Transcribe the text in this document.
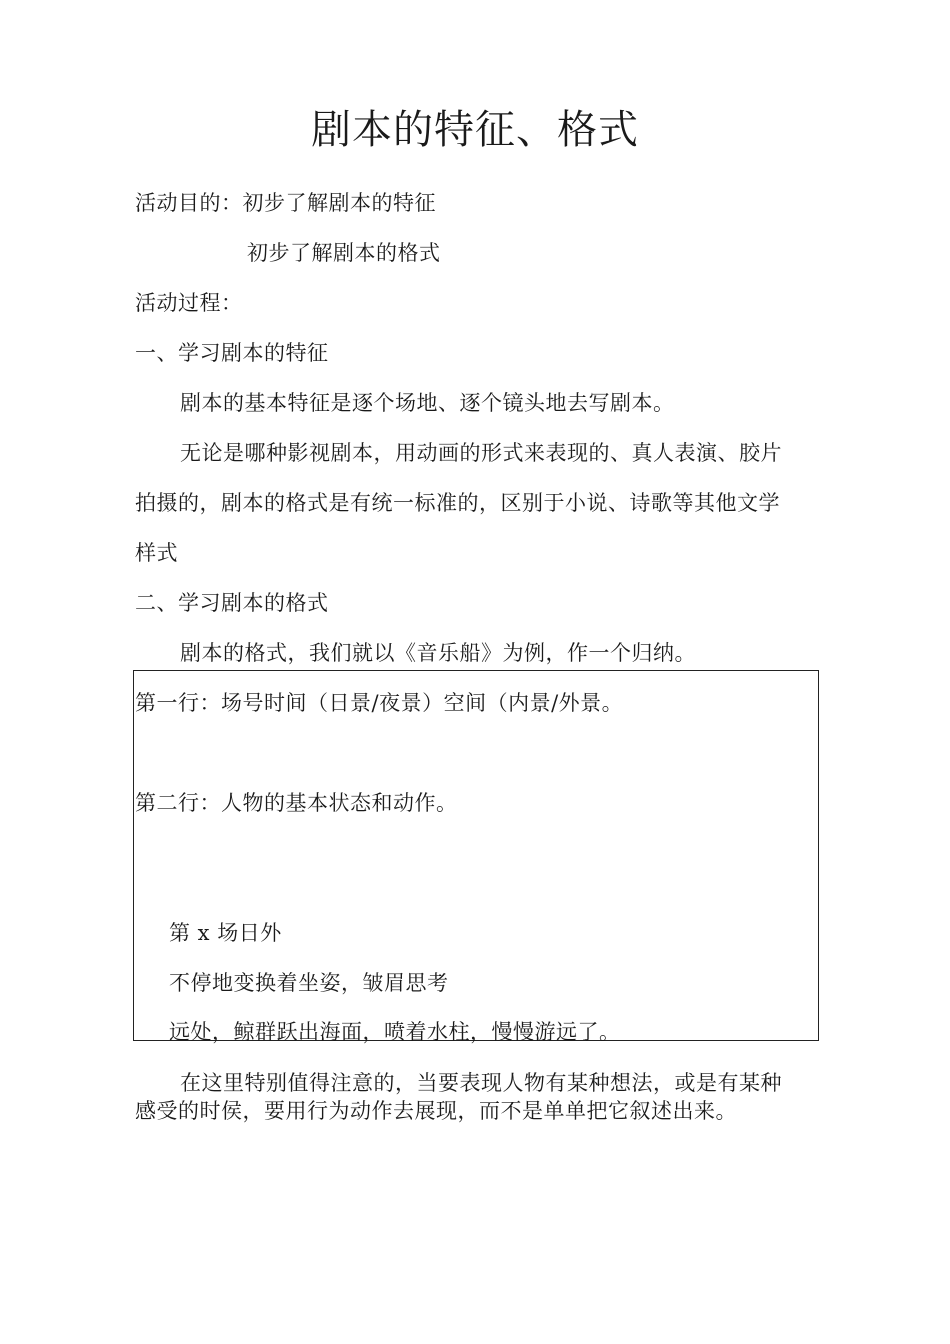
剧本的特征、格式
活动目的：初步了解剧本的特征
初步了解剧本的格式
活动过程：
一、学习剧本的特征
剧本的基本特征是逐个场地、逐个镜头地去写剧本。
无论是哪种影视剧本，用动画的形式来表现的、真人表演、胶片
拍摄的，剧本的格式是有统一标准的，区别于小说、诗歌等其他文学
样式
二、学习剧本的格式
剧本的格式，我们就以《音乐船》为例，作一个归纳。
第一行：场号时间（日景/夜景）空间（内景/外景。
第二行：人物的基本状态和动作。
第 x 场日外
不停地变换着坐姿，皱眉思考
远处，鲸群跃出海面，喷着水柱，慢慢游远了。
在这里特别值得注意的，当要表现人物有某种想法，或是有某种
感受的时侯，要用行为动作去展现，而不是单单把它叙述出来。
